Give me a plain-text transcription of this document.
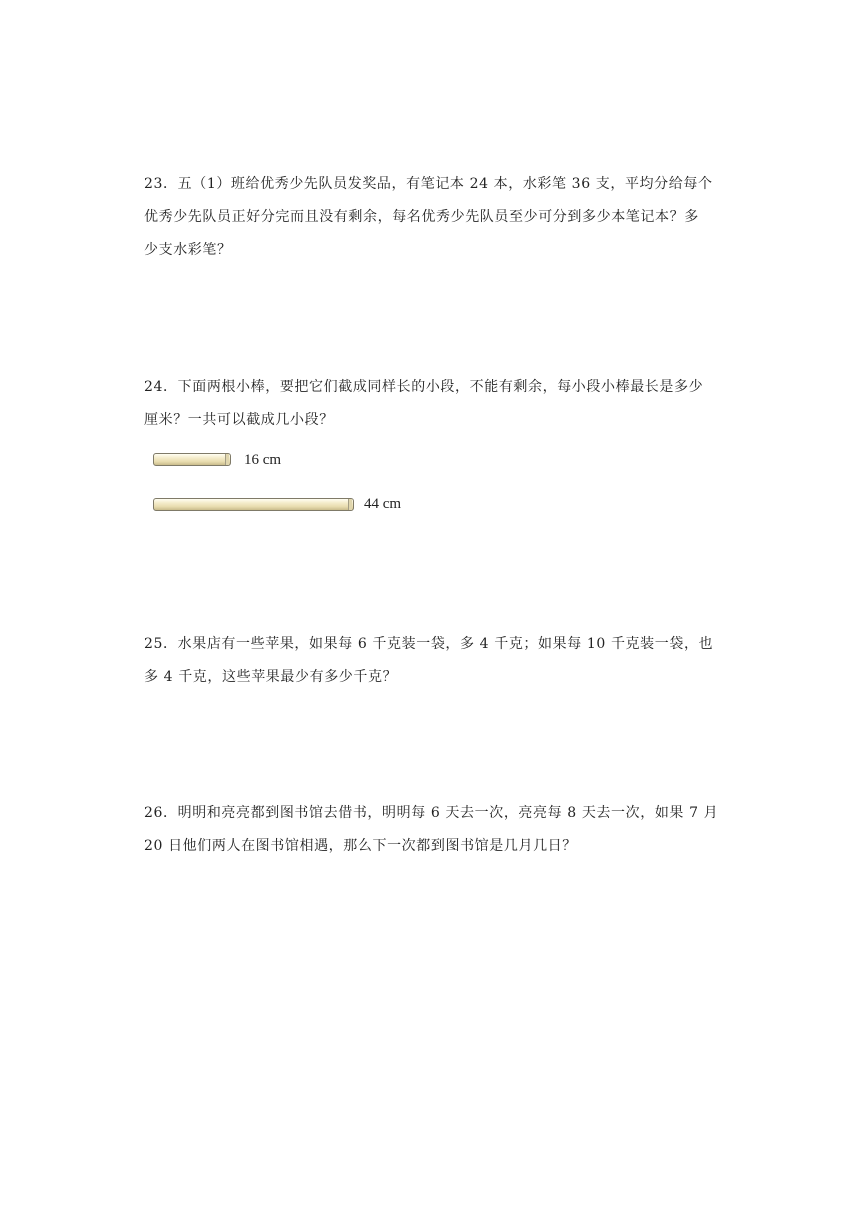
23．五（1）班给优秀少先队员发奖品，有笔记本 24 本，水彩笔 36 支，平均分给每个
优秀少先队员正好分完而且没有剩余，每名优秀少先队员至少可分到多少本笔记本？多
少支水彩笔？
24．下面两根小棒，要把它们截成同样长的小段，不能有剩余，每小段小棒最长是多少
厘米？一共可以截成几小段？
16 cm
44 cm
25．水果店有一些苹果，如果每 6 千克装一袋，多 4 千克；如果每 10 千克装一袋，也
多 4 千克，这些苹果最少有多少千克？
26．明明和亮亮都到图书馆去借书，明明每 6 天去一次，亮亮每 8 天去一次，如果 7 月
20 日他们两人在图书馆相遇，那么下一次都到图书馆是几月几日？
